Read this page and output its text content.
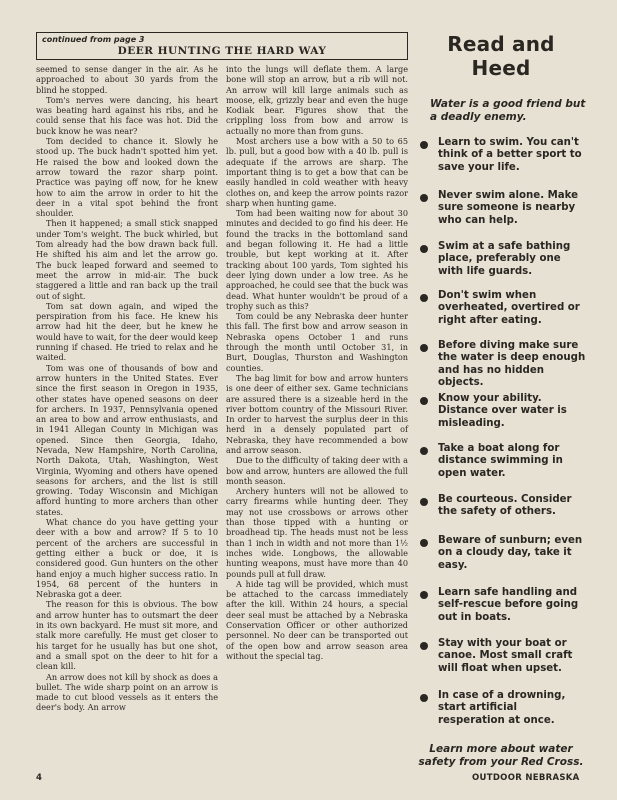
continued from page 3
DEER HUNTING THE HARD WAY

seemed to sense danger in the air. As he approached to about 30 yards from the blind he stopped.

Tom's nerves were dancing, his heart was beating hard against his ribs, and he could sense that his face was hot. Did the buck know he was near?

Tom decided to chance it. Slowly he stood up. The buck hadn't spotted him yet. He raised the bow and looked down the arrow toward the razor sharp point. Practice was paying off now, for he knew how to aim the arrow in order to hit the deer in a vital spot behind the front shoulder.

Then it happened; a small stick snapped under Tom's weight. The buck whirled, but Tom already had the bow drawn back full. He shifted his aim and let the arrow go. The buck leaped forward and seemed to meet the arrow in mid-air. The buck staggered a little and ran back up the trail out of sight.

Tom sat down again, and wiped the perspiration from his face. He knew his arrow had hit the deer, but he knew he would have to wait, for the deer would keep running if chased. He tried to relax and he waited.

Tom was one of thousands of bow and arrow hunters in the United States. Ever since the first season in Oregon in 1935, other states have opened seasons on deer for archers. In 1937, Pennsylvania opened an area to bow and arrow enthusiasts, and in 1941 Allegan County in Michigan was opened. Since then Georgia, Idaho, Nevada, New Hampshire, North Carolina, North Dakota, Utah, Washington, West Virginia, Wyoming and others have opened seasons for archers, and the list is still growing. Today Wisconsin and Michigan afford hunting to more archers than other states.

What chance do you have getting your deer with a bow and arrow? If 5 to 10 percent of the archers are successful in getting either a buck or doe, it is considered good. Gun hunters on the other hand enjoy a much higher success ratio. In 1954, 68 percent of the hunters in Nebraska got a deer.

The reason for this is obvious. The bow and arrow hunter has to outsmart the deer in its own backyard. He must sit more, and stalk more carefully. He must get closer to his target for he usually has but one shot, and a small spot on the deer to hit for a clean kill.

An arrow does not kill by shock as does a bullet. The wide sharp point on an arrow is made to cut blood vessels as it enters the deer's body. An arrow

into the lungs will deflate them. A large bone will stop an arrow, but a rib will not. An arrow will kill large animals such as moose, elk, grizzly bear and even the huge Kodiak bear. Figures show that the crippling loss from bow and arrow is actually no more than from guns.

Most archers use a bow with a 50 to 65 lb. pull, but a good bow with a 40 lb. pull is adequate if the arrows are sharp. The important thing is to get a bow that can be easily handled in cold weather with heavy clothes on, and keep the arrow points razor sharp when hunting game.

Tom had been waiting now for about 30 minutes and decided to go find his deer. He found the tracks in the bottomland sand and began following it. He had a little trouble, but kept working at it. After tracking about 100 yards, Tom sighted his deer lying down under a low tree. As he approached, he could see that the buck was dead. What hunter wouldn't be proud of a trophy such as this?

Tom could be any Nebraska deer hunter this fall. The first bow and arrow season in Nebraska opens October 1 and runs through the month until October 31, in Burt, Douglas, Thurston and Washington counties.

The bag limit for bow and arrow hunters is one deer of either sex. Game technicians are assured there is a sizeable herd in the river bottom country of the Missouri River. In order to harvest the surplus deer in this herd in a densely populated part of Nebraska, they have recommended a bow and arrow season.

Due to the difficulty of taking deer with a bow and arrow, hunters are allowed the full month season.

Archery hunters will not be allowed to carry firearms while hunting deer. They may not use crossbows or arrows other than those tipped with a hunting or broadhead tip. The heads must not be less than 1 inch in width and not more than 1½ inches wide. Longbows, the allowable hunting weapons, must have more than 40 pounds pull at full draw.

A hide tag will be provided, which must be attached to the carcass immediately after the kill. Within 24 hours, a special deer seal must be attached by a Nebraska Conservation Officer or other authorized personnel. No deer can be transported out of the open bow and arrow season area without the special tag.

Read and Heed
Water is a good friend but a deadly enemy.
Learn to swim. You can't think of a better sport to save your life.
Never swim alone. Make sure someone is nearby who can help.
Swim at a safe bathing place, preferably one with life guards.
Don't swim when overheated, overtired or right after eating.
Before diving make sure the water is deep enough and has no hidden objects.
Know your ability. Distance over water is misleading.
Take a boat along for distance swimming in open water.
Be courteous. Consider the safety of others.
Beware of sunburn; even on a cloudy day, take it easy.
Learn safe handling and self-rescue before going out in boats.
Stay with your boat or canoe. Most small craft will float when upset.
In case of a drowning, start artificial resperation at once.
Learn more about water safety from your Red Cross.
4	OUTDOOR NEBRASKA
